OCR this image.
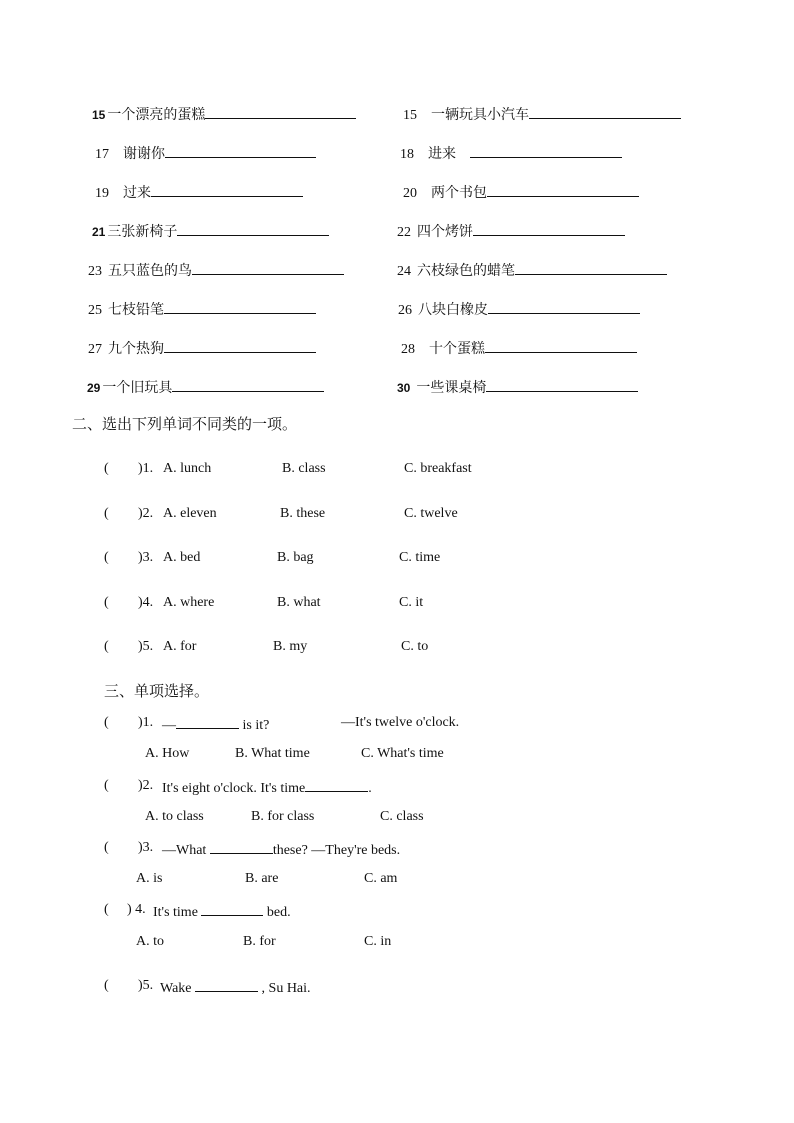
15 一个漂亮的蛋糕	15 一辆玩具小汽车
17 谢谢你	18 进来
19 过来	20 两个书包
21 三张新椅子	22 四个烤饼
23 五只蓝色的鸟	24 六枝绿色的蜡笔
25 七枝铅笔	26 八块白橡皮
27 九个热狗	28 十个蛋糕
29 一个旧玩具	30 一些课桌椅
二、选出下列单词不同类的一项。
( )1. A. lunch	B. class	C. breakfast
( )2. A. eleven	B. these	C. twelve
( )3. A. bed	B. bag	C. time
( )4. A. where	B. what	C. it
( )5. A. for	B. my	C. to
三、单项选择。
( )1. —	is it?	—It's twelve o'clock.
A. How	B. What time	C. What's time
( )2. It's eight o'clock. It's time	.
A. to class	B. for class	C. class
( )3. —What	these? —They're beds.
A. is	B. are	C. am
( ) 4. It's time	bed.
A. to	B. for	C. in
( )5. Wake	, Su Hai.
